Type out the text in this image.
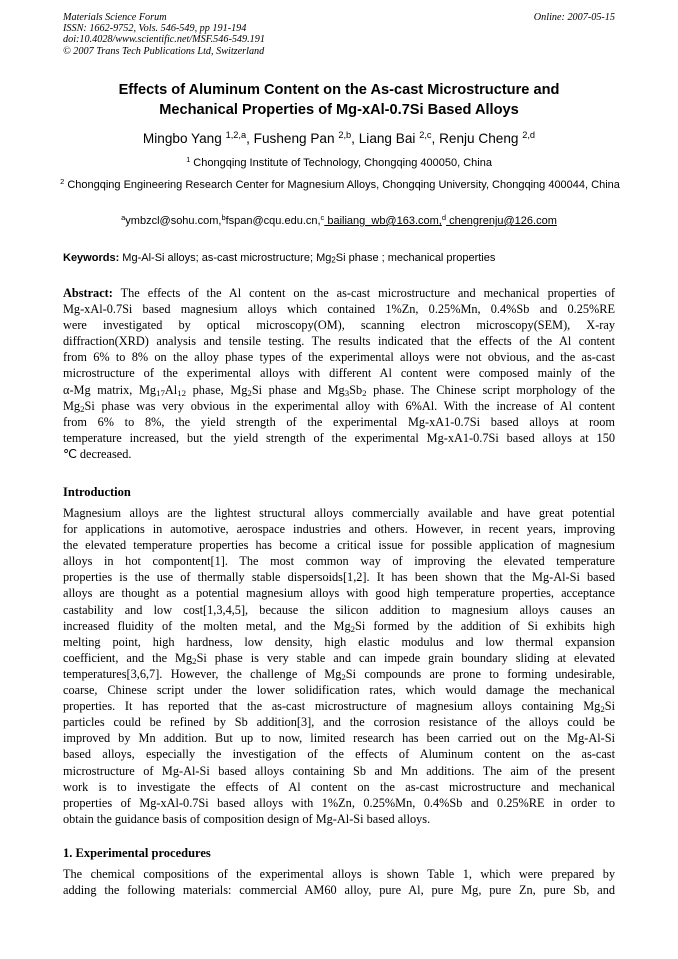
Materials Science Forum
ISSN: 1662-9752, Vols. 546-549, pp 191-194
doi:10.4028/www.scientific.net/MSF.546-549.191
© 2007 Trans Tech Publications Ltd, Switzerland
Online: 2007-05-15
Effects of Aluminum Content on the As-cast Microstructure and
Mechanical Properties of Mg-xAl-0.7Si Based Alloys
Mingbo Yang $^{1,2,a}$, Fusheng Pan $^{2,b}$, Liang Bai $^{2,c}$, Renju Cheng $^{2,d}$
$^1$ Chongqing Institute of Technology, Chongqing 400050, China
$^2$ Chongqing Engineering Research Center for Magnesium Alloys, Chongqing University, Chongqing 400044, China
$^a$ymbzcl@sohu.com,$^b$fspan@cqu.edu.cn,$^c$ bailiang_wb@163.com,$^d$ chengrenju@126.com
Keywords: Mg-Al-Si alloys; as-cast microstructure; $Mg_2Si$ phase ; mechanical properties
Abstract: The effects of the Al content on the as-cast microstructure and mechanical properties of
Mg-xAl-0.7Si based magnesium alloys which contained 1%Zn, 0.25%Mn, 0.4%Sb and 0.25%RE
were investigated by optical microscopy(OM), scanning electron microscopy(SEM), X-ray
diffraction(XRD) analysis and tensile testing. The results indicated that the effects of the Al content
from 6% to 8% on the alloy phase types of the experimental alloys were not obvious, and the as-cast
microstructure of the experimental alloys with different Al content were composed mainly of the
α-Mg matrix, $Mg_{17}Al_{12}$ phase, $Mg_2Si$ phase and $Mg_3Sb_2$ phase. The Chinese script morphology of the
$Mg_2Si$ phase was very obvious in the experimental alloy with 6%Al. With the increase of Al content
from 6% to 8%, the yield strength of the experimental Mg-xA1-0.7Si based alloys at room
temperature increased, but the yield strength of the experimental Mg-xA1-0.7Si based alloys at 150
℃ decreased.
Introduction
Magnesium alloys are the lightest structural alloys commercially available and have great potential
for applications in automotive, aerospace industries and others. However, in recent years, improving
the elevated temperature properties has become a critical issue for possible application of magnesium
alloys in hot compontent[1]. The most common way of improving the elevated temperature
properties is the use of thermally stable dispersoids[1,2]. It has been shown that the Mg-Al-Si based
alloys are thought as a potential magnesium alloys with good high temperature properties, acceptance
castability and low cost[1,3,4,5], because the silicon addition to magnesium alloys causes an
increased fluidity of the molten metal, and the $Mg_2Si$ formed by the addition of Si exhibits high
melting point, high hardness, low density, high elastic modulus and low thermal expansion
coefficient, and the $Mg_2Si$ phase is very stable and can impede grain boundary sliding at elevated
temperatures[3,6,7]. However, the challenge of $Mg_2Si$ compounds are prone to forming undesirable,
coarse, Chinese script under the lower solidification rates, which would damage the mechanical
properties. It has reported that the as-cast microstructure of magnesium alloys containing $Mg_2Si$
particles could be refined by Sb addition[3], and the corrosion resistance of the alloys could be
improved by Mn addition. But up to now, limited research has been carried out on the Mg-Al-Si
based alloys, especially the investigation of the effects of Aluminum content on the as-cast
microstructure of Mg-Al-Si based alloys containing Sb and Mn additions. The aim of the present
work is to investigate the effects of Al content on the as-cast microstructure and mechanical
properties of Mg-xAl-0.7Si based alloys with 1%Zn, 0.25%Mn, 0.4%Sb and 0.25%RE in order to
obtain the guidance basis of composition design of Mg-Al-Si based alloys.
1. Experimental procedures
The chemical compositions of the experimental alloys is shown Table 1, which were prepared by
adding the following materials: commercial AM60 alloy, pure Al, pure Mg, pure Zn, pure Sb, and
